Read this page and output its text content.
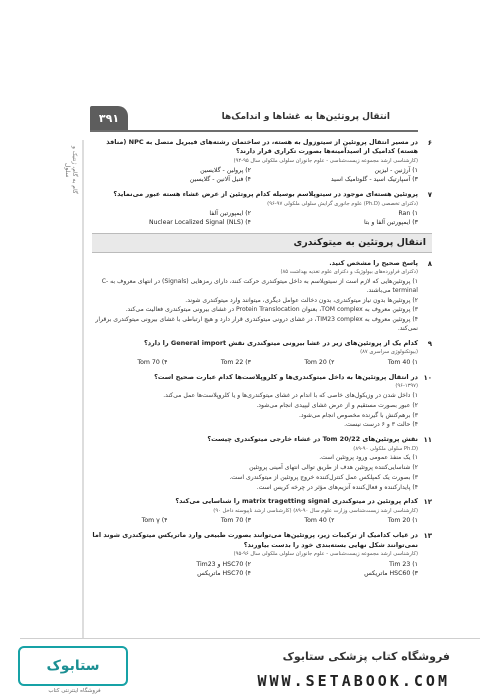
۳۹۱	انتقال پروتئین‌ها به غشاها و اندامک‌ها
گام به گام، ژنتیک و سلول
۶
در مسیر انتقال پروتئین از سیتوزول به هسته، در ساختمان رشته‌های فیبریل متصل به NPC (منافذ هسته) کدامیک از اسیدآمینه‌ها بصورت تکراری قرار دارند؟
(کارشناسی ارشد مجموعه زیست‌شناسی - علوم جانوران سلولی ملکولی سال ۹۵-۹۴)
۱) آرژنین - لیزین
۲) پرولین - گلایسین
۳) آسپارتیک اسید - گلوتامیک اسید
۴) فنیل آلانین - گلایسین
۷
پروتئین هسته‌ای موجود در سیتوپلاسم بوسیله کدام پروتئین از عرض غشاء هسته عبور می‌نماید؟
(دکترای تخصصی (Ph.D) علوم جانوری گرایش سلولی ملکولی ۹۷-۹۶)
۱) Ran
۲) ایمپورتین آلفا
۳) ایمپورتین آلفا و بتا
۴) Nuclear Localized Signal (NLS)
انتقال پروتئین به میتوکندری
۸
پاسخ صحیح را مشخص کنید.
(دکترای فراورده‌های بیولوژیک و دکترای علوم تغذیه بهداشت ۸۵)
۱) پروتئین‌هایی که لازم است از سیتوپلاسم به داخل میتوکندری حرکت کنند، دارای رمزهایی (Signals) در انتهای معروف به C-terminal می‌باشند.
۲) پروتئین‌ها بدون نیاز میتوکندری، بدون دخالت عوامل دیگری، میتوانند وارد میتوکندری شوند.
۳) پروتئین معروف به TOM complex، بعنوان Protein Translocation در غشای بیرونی میتوکندری فعالیت می‌کند.
۴) پروتئین معروف به TIM23 complex، در غشای درونی میتوکندری قرار دارد و هیچ ارتباطی با غشای بیرونی میتوکندری برقرار نمی‌کند.
۹
کدام یک از پروتئین‌های زیر در غشا بیرونی میتوکندری نقش General import را دارد؟
(بیوتکنولوژی سراسری ۸۷)
۱) Tom 40
۲) Tom 20
۳) Tom 22
۴) Tom 70
۱۰
در انتقال پروتئین‌ها به داخل میتوکندری‌ها و کلروپلاست‌ها کدام عبارت صحیح است؟
(۹۶-۱۳۹۷)
۱) داخل شدن در وزیکول‌های خاصی که با اندام در غشای میتوکندری‌ها و یا کلروپلاست‌ها عمل می‌کند.
۲) عبور بصورت مستقیم و از عرض غشای لیپیدی انجام می‌شود.
۳) برهم‌کنش با گیرنده مخصوص انجام می‌شود.
۴) حالت ۳ و ۶ درست نیست.
۱۱
نقش پروتئین‌های Tom 20/22 در غشاء خارجی میتوکندری چیست؟
(Ph.D سلولی ملکولی ۹۰-۸۹)
۱) یک منفذ عمومی ورود پروتئین است.
۲) شناسایی‌کننده پروتئین هدف از طریق توالی انتهای آمینی پروتئین
۳) بصورت یک کمپلکس عمل کنترل‌کننده خروج پروتئین از میتوکندری است.
۴) پایدارکننده و فعال‌کننده آنزیم‌های مؤثر در چرخه کریس است.
۱۲
کدام پروتئین در میتوکندری matrix tragetting signal را شناسایی می‌کند؟
(کارشناسی ارشد زیست‌شناسی وزارت علوم سال ۹۰-۸۹) (کارشناسی ارشد ناپیوسته داخل ۹۰)
۱) Tom 20
۲) Tom 40
۳) Tom 70
۴) Tom γ
۱۳
در غیاب کدامیک از ترکیبات زیر، پروتئین‌ها می‌توانند بصورت طبیعی وارد ماتریکس میتوکندری شوند اما نمی‌توانند شکل نهایی بسته‌بندی خود را بدست بیاورند؟
(کارشناسی ارشد مجموعه زیست‌شناسی - علوم جانوران سلولی ملکولی سال ۹۶-۹۵)
۱) Tim 23
۲) HSC70 و Tim23
۳) HSC60 ماتریکس
۴) HSC70 ماتریکس
ستابوک
فروشگاه اینترنتی کتاب
فروشگاه کتاب پزشکی ستابوک
WWW.SETABOOK.COM
